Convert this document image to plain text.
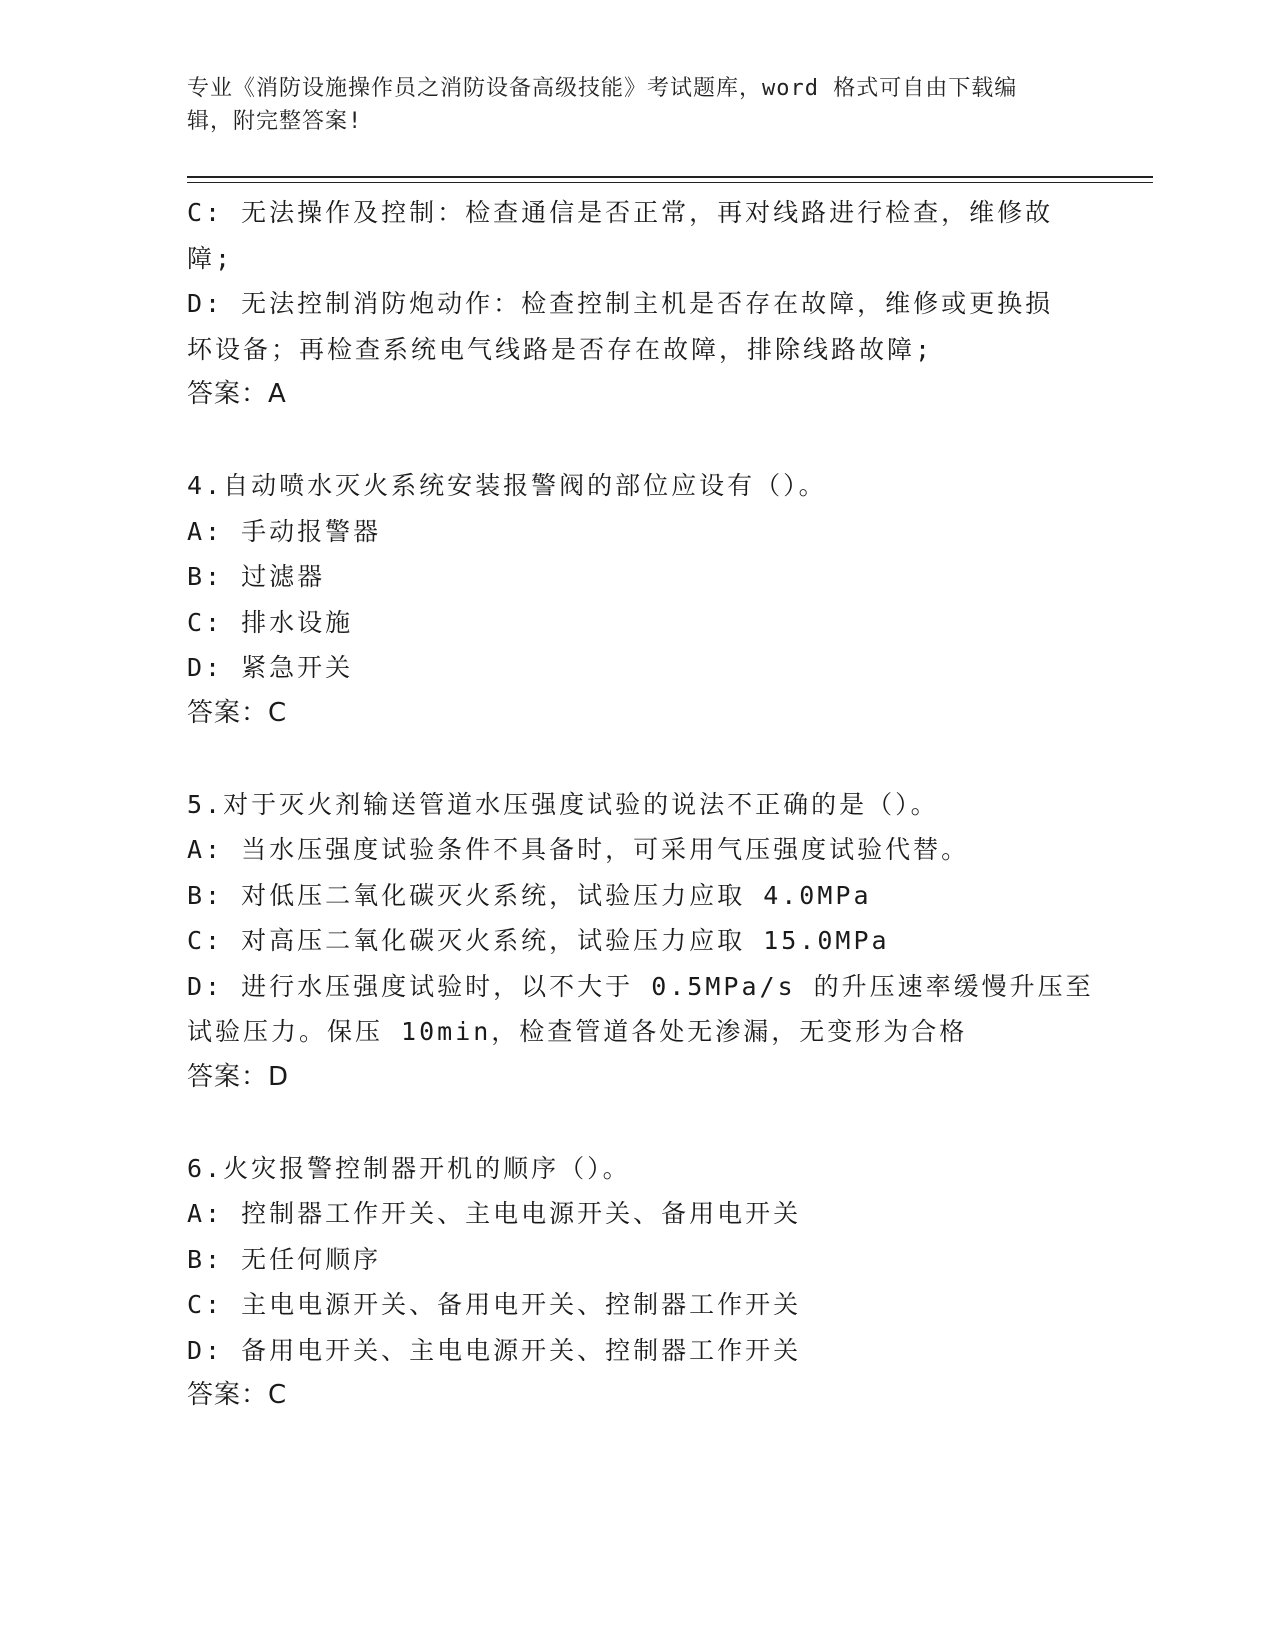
专业《消防设施操作员之消防设备高级技能》考试题库，word 格式可自由下载编
辑，附完整答案!
C: 无法操作及控制：检查通信是否正常，再对线路进行检查，维修故
障;
D: 无法控制消防炮动作：检查控制主机是否存在故障，维修或更换损
坏设备；再检查系统电气线路是否存在故障，排除线路故障;
答案：A
4.自动喷水灭火系统安装报警阀的部位应设有（）。
A: 手动报警器
B: 过滤器
C: 排水设施
D: 紧急开关
答案：C
5.对于灭火剂输送管道水压强度试验的说法不正确的是（）。
A: 当水压强度试验条件不具备时，可采用气压强度试验代替。
B: 对低压二氧化碳灭火系统，试验压力应取 4.0MPa
C: 对高压二氧化碳灭火系统，试验压力应取 15.0MPa
D: 进行水压强度试验时，以不大于 0.5MPa/s 的升压速率缓慢升压至
试验压力。保压 10min，检查管道各处无渗漏，无变形为合格
答案：D
6.火灾报警控制器开机的顺序（）。
A: 控制器工作开关、主电电源开关、备用电开关
B: 无任何顺序
C: 主电电源开关、备用电开关、控制器工作开关
D: 备用电开关、主电电源开关、控制器工作开关
答案：C
